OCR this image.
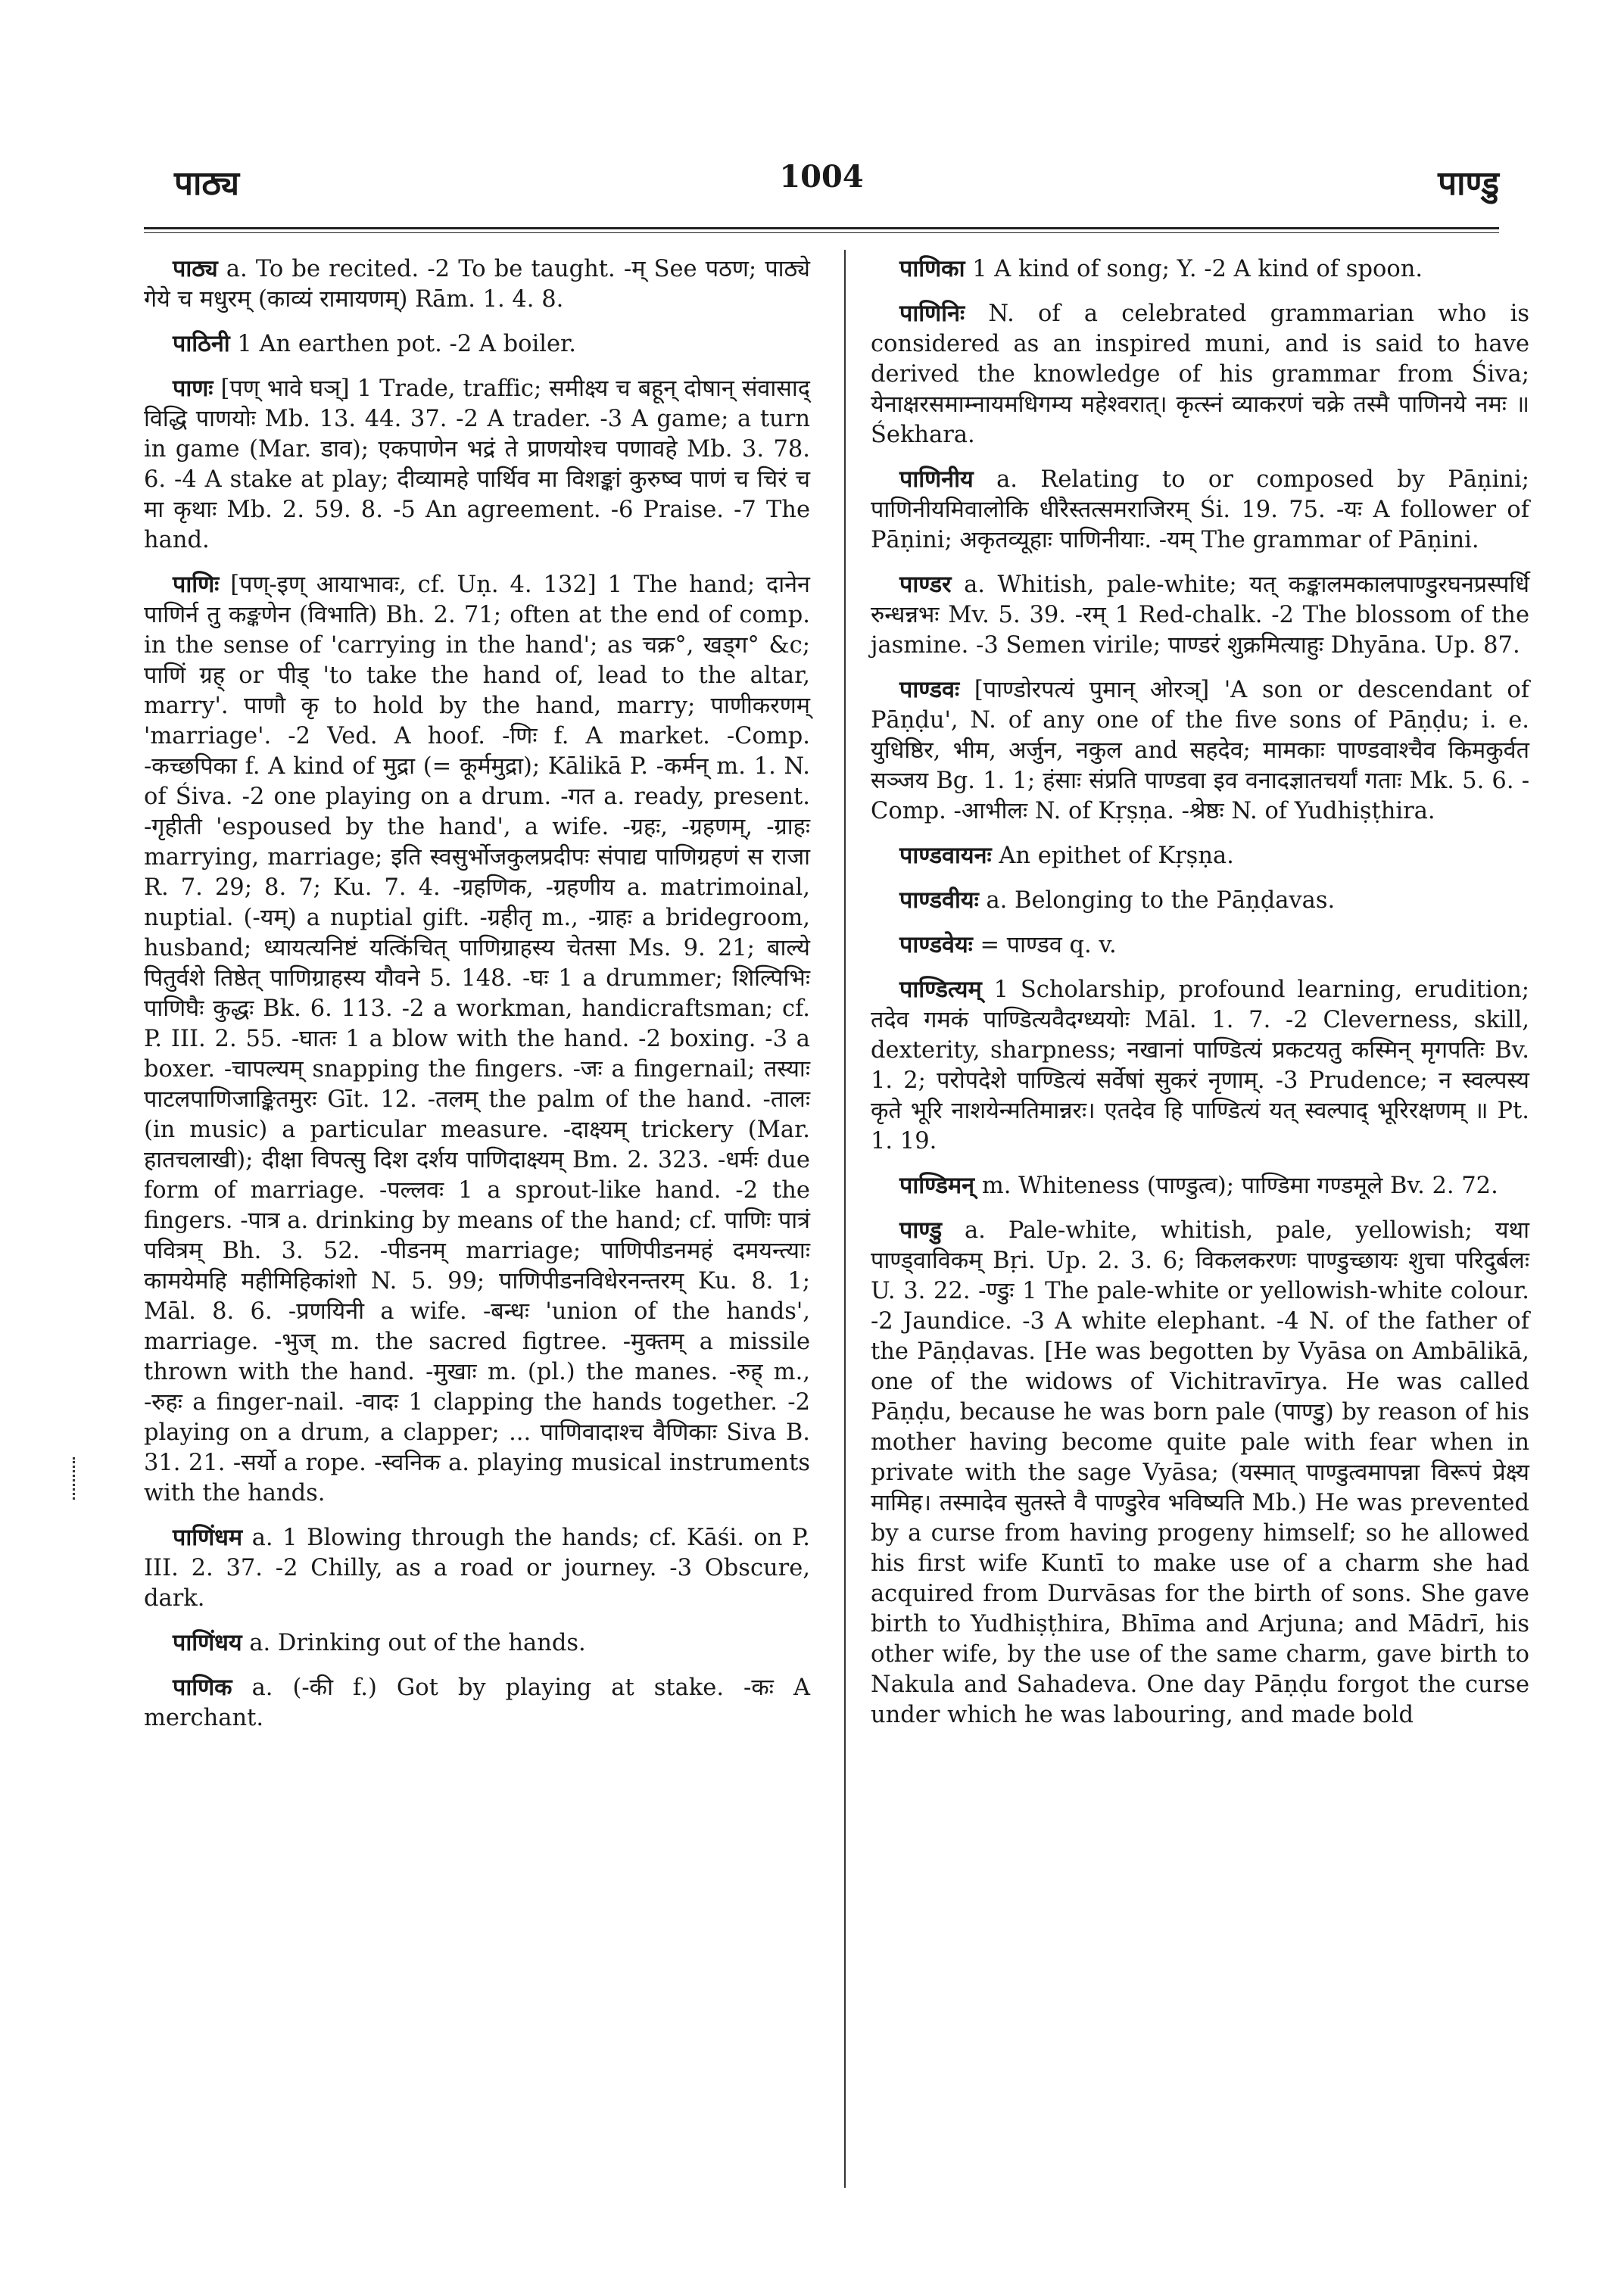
पाठ्य	1004	पाण्डु

पाठ्य a. To be recited. -2 To be taught. -म् See पठण; पाठ्ये गेये च मधुरम् (काव्यं रामायणम्) Rām. 1. 4. 8.

पाठिनी 1 An earthen pot. -2 A boiler.

पाणः [पण् भावे घञ्] 1 Trade, traffic; समीक्ष्य च बहून् दोषान् संवासाद् विद्धि पाणयोः Mb. 13. 44. 37. -2 A trader. -3 A game; a turn in game (Mar. डाव); एकपाणेन भद्रं ते प्राणयोश्च पणावहे Mb. 3. 78. 6. -4 A stake at play; दीव्यामहे पार्थिव मा विशङ्कां कुरुष्व पाणं च चिरं च मा कृथाः Mb. 2. 59. 8. -5 An agreement. -6 Praise. -7 The hand.

पाणिः [पण्-इण् आयाभावः, cf. Uṇ. 4. 132] 1 The hand; दानेन पाणिर्न तु कङ्कणेन (विभाति) Bh. 2. 71; often at the end of comp. in the sense of 'carrying in the hand'; as चक्र°, खड्ग° &c; पाणिं ग्रह् or पीड् 'to take the hand of, lead to the altar, marry'. पाणौ कृ to hold by the hand, marry; पाणीकरणम् 'marriage'. -2 Ved. A hoof. -णिः f. A market. -Comp. -कच्छपिका f. A kind of मुद्रा (= कूर्ममुद्रा); Kālikā P. -कर्मन् m. 1. N. of Śiva. -2 one playing on a drum. -गत a. ready, present. -गृहीती 'espoused by the hand', a wife. -ग्रहः, -ग्रहणम्, -ग्राहः marrying, marriage; इति स्वसुर्भोजकुलप्रदीपः संपाद्य पाणिग्रहणं स राजा R. 7. 29; 8. 7; Ku. 7. 4. -ग्रहणिक, -ग्रहणीय a. matrimoinal, nuptial. (-यम्) a nuptial gift. -ग्रहीतृ m., -ग्राहः a bridegroom, husband; ध्यायत्यनिष्टं यत्किंचित् पाणिग्राहस्य चेतसा Ms. 9. 21; बाल्ये पितुर्वशे तिष्ठेत् पाणिग्राहस्य यौवने 5. 148. -घः 1 a drummer; शिल्पिभिः पाणिघैः कुद्धः Bk. 6. 113. -2 a workman, handicraftsman; cf. P. III. 2. 55. -घातः 1 a blow with the hand. -2 boxing. -3 a boxer. -चापल्यम् snapping the fingers. -जः a fingernail; तस्याः पाटलपाणिजाङ्कितमुरः Gīt. 12. -तलम् the palm of the hand. -तालः (in music) a particular measure. -दाक्ष्यम् trickery (Mar. हातचलाखी); दीक्षा विपत्सु दिश दर्शय पाणिदाक्ष्यम् Bm. 2. 323. -धर्मः due form of marriage. -पल्लवः 1 a sprout-like hand. -2 the fingers. -पात्र a. drinking by means of the hand; cf. पाणिः पात्रं पवित्रम् Bh. 3. 52. -पीडनम् marriage; पाणिपीडनमहं दमयन्त्याः कामयेमहि महीमिहिकांशो N. 5. 99; पाणिपीडनविधेरनन्तरम् Ku. 8. 1; Māl. 8. 6. -प्रणयिनी a wife. -बन्धः 'union of the hands', marriage. -भुज् m. the sacred figtree. -मुक्तम् a missile thrown with the hand. -मुखाः m. (pl.) the manes. -रुह् m., -रुहः a finger-nail. -वादः 1 clapping the hands together. -2 playing on a drum, a clapper; ... पाणिवादाश्च वैणिकाः Siva B. 31. 21. -सर्यो a rope. -स्वनिक a. playing musical instruments with the hands.

पाणिंधम a. 1 Blowing through the hands; cf. Kāśi. on P. III. 2. 37. -2 Chilly, as a road or journey. -3 Obscure, dark.

पाणिंधय a. Drinking out of the hands.

पाणिक a. (-की f.) Got by playing at stake. -कः A merchant.

पाणिका 1 A kind of song; Y. -2 A kind of spoon.

पाणिनिः N. of a celebrated grammarian who is considered as an inspired muni, and is said to have derived the knowledge of his grammar from Śiva; येनाक्षरसमाम्नायमधिगम्य महेश्वरात्। कृत्स्नं व्याकरणं चक्रे तस्मै पाणिनये नमः ॥ Śekhara.

पाणिनीय a. Relating to or composed by Pāṇini; पाणिनीयमिवालोकि धीरैस्तत्समराजिरम् Śi. 19. 75. -यः A follower of Pāṇini; अकृतव्यूहाः पाणिनीयाः. -यम् The grammar of Pāṇini.

पाण्डर a. Whitish, pale-white; यत् कङ्कालमकालपाण्डुरघनप्रस्पर्धि रुन्धन्नभः Mv. 5. 39. -रम् 1 Red-chalk. -2 The blossom of the jasmine. -3 Semen virile; पाण्डरं शुक्रमित्याहुः Dhyāna. Up. 87.

पाण्डवः [पाण्डोरपत्यं पुमान् ओरञ्] 'A son or descendant of Pāṇḍu', N. of any one of the five sons of Pāṇḍu; i. e. युधिष्ठिर, भीम, अर्जुन, नकुल and सहदेव; मामकाः पाण्डवाश्चैव किमकुर्वत सञ्जय Bg. 1. 1; हंसाः संप्रति पाण्डवा इव वनादज्ञातचर्यां गताः Mk. 5. 6. -Comp. -आभीलः N. of Kṛṣṇa. -श्रेष्ठः N. of Yudhiṣṭhira.

पाण्डवायनः An epithet of Kṛṣṇa.

पाण्डवीयः a. Belonging to the Pāṇḍavas.

पाण्डवेयः = पाण्डव q. v.

पाण्डित्यम् 1 Scholarship, profound learning, erudition; तदेव गमकं पाण्डित्यवैदग्ध्ययोः Māl. 1. 7. -2 Cleverness, skill, dexterity, sharpness; नखानां पाण्डित्यं प्रकटयतु कस्मिन् मृगपतिः Bv. 1. 2; परोपदेशे पाण्डित्यं सर्वेषां सुकरं नृणाम्. -3 Prudence; न स्वल्पस्य कृते भूरि नाशयेन्मतिमान्नरः। एतदेव हि पाण्डित्यं यत् स्वल्पाद् भूरिरक्षणम् ॥ Pt. 1. 19.

पाण्डिमन् m. Whiteness (पाण्डुत्व); पाण्डिमा गण्डमूले Bv. 2. 72.

पाण्डु a. Pale-white, whitish, pale, yellowish; यथा पाण्ड्वाविकम् Bṛi. Up. 2. 3. 6; विकलकरणः पाण्डुच्छायः शुचा परिदुर्बलः U. 3. 22. -ण्डुः 1 The pale-white or yellowish-white colour. -2 Jaundice. -3 A white elephant. -4 N. of the father of the Pāṇḍavas. [He was begotten by Vyāsa on Ambālikā, one of the widows of Vichitravīrya. He was called Pāṇḍu, because he was born pale (पाण्डु) by reason of his mother having become quite pale with fear when in private with the sage Vyāsa; (यस्मात् पाण्डुत्वमापन्ना विरूपं प्रेक्ष्य मामिह। तस्मादेव सुतस्ते वै पाण्डुरेव भविष्यति Mb.) He was prevented by a curse from having progeny himself; so he allowed his first wife Kuntī to make use of a charm she had acquired from Durvāsas for the birth of sons. She gave birth to Yudhiṣṭhira, Bhīma and Arjuna; and Mādrī, his other wife, by the use of the same charm, gave birth to Nakula and Sahadeva. One day Pāṇḍu forgot the curse under which he was labouring, and made bold
